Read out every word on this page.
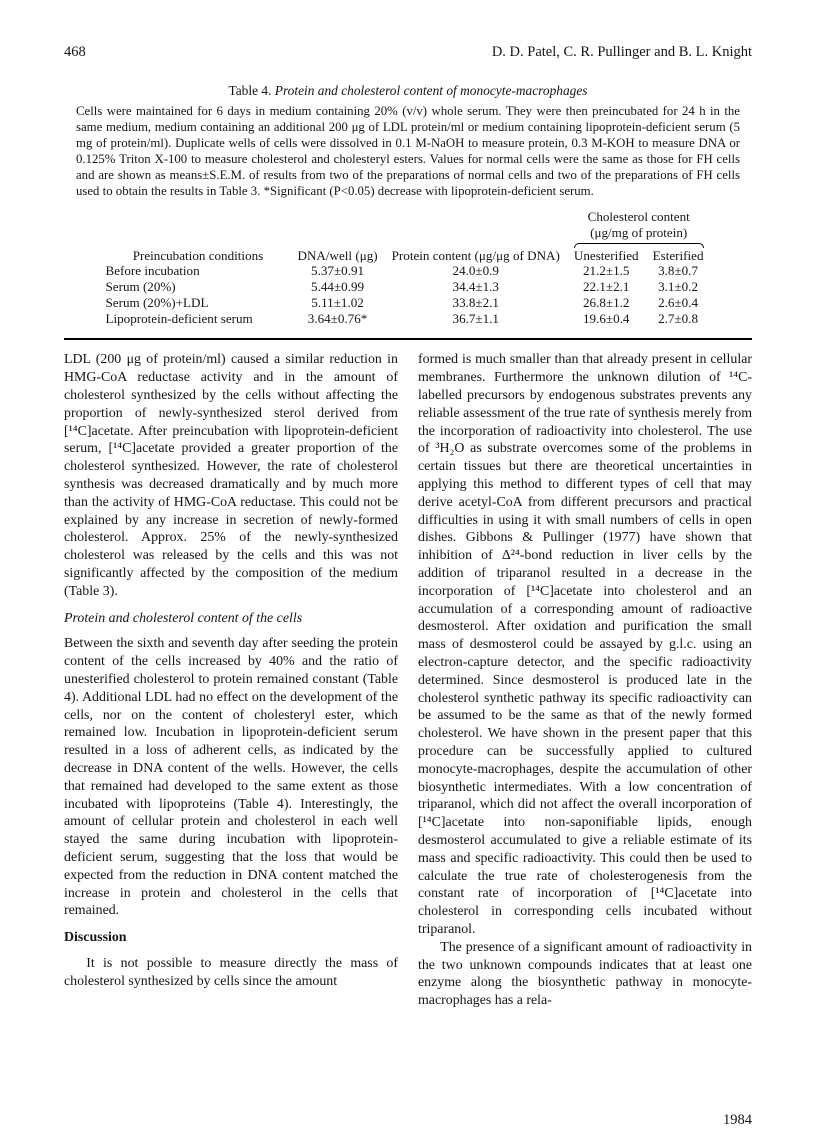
468	D. D. Patel, C. R. Pullinger and B. L. Knight
Table 4. Protein and cholesterol content of monocyte-macrophages

Cells were maintained for 6 days in medium containing 20% (v/v) whole serum. They were then preincubated for 24 h in the same medium, medium containing an additional 200 μg of LDL protein/ml or medium containing lipoprotein-deficient serum (5 mg of protein/ml). Duplicate wells of cells were dissolved in 0.1 M-NaOH to measure protein, 0.3 M-KOH to measure DNA or 0.125% Triton X-100 to measure cholesterol and cholesteryl esters. Values for normal cells were the same as those for FH cells and are shown as means±S.E.M. of results from two of the preparations of normal cells and two of the preparations of FH cells used to obtain the results in Table 3. *Significant (P<0.05) decrease with lipoprotein-deficient serum.

			Cholesterol content
(μg/mg of protein)	

Preincubation conditions	DNA/well (μg)	Protein content (μg/μg of DNA)	Unesterified	Esterified
Before incubation	5.37±0.91	24.0±0.9	21.2±1.5	3.8±0.7
Serum (20%)	5.44±0.99	34.4±1.3	22.1±2.1	3.1±0.2
Serum (20%)+LDL	5.11±1.02	33.8±2.1	26.8±1.2	2.6±0.4
Lipoprotein-deficient serum	3.64±0.76*	36.7±1.1	19.6±0.4	2.7±0.8

LDL (200 μg of protein/ml) caused a similar reduction in HMG-CoA reductase activity and in the amount of cholesterol synthesized by the cells without affecting the proportion of newly-synthesized sterol derived from [¹⁴C]acetate. After preincubation with lipoprotein-deficient serum, [¹⁴C]acetate provided a greater proportion of the cholesterol synthesized. However, the rate of cholesterol synthesis was decreased dramatically and by much more than the activity of HMG-CoA reductase. This could not be explained by any increase in secretion of newly-formed cholesterol. Approx. 25% of the newly-synthesized cholesterol was released by the cells and this was not significantly affected by the composition of the medium (Table 3).

Protein and cholesterol content of the cells

Between the sixth and seventh day after seeding the protein content of the cells increased by 40% and the ratio of unesterified cholesterol to protein remained constant (Table 4). Additional LDL had no effect on the development of the cells, nor on the content of cholesteryl ester, which remained low. Incubation in lipoprotein-deficient serum resulted in a loss of adherent cells, as indicated by the decrease in DNA content of the wells. However, the cells that remained had developed to the same extent as those incubated with lipoproteins (Table 4). Interestingly, the amount of cellular protein and cholesterol in each well stayed the same during incubation with lipoprotein-deficient serum, suggesting that the loss that would be expected from the reduction in DNA content matched the increase in protein and cholesterol in the cells that remained.

Discussion

It is not possible to measure directly the mass of cholesterol synthesized by cells since the amount

formed is much smaller than that already present in cellular membranes. Furthermore the unknown dilution of ¹⁴C-labelled precursors by endogenous substrates prevents any reliable assessment of the true rate of synthesis merely from the incorporation of radioactivity into cholesterol. The use of ³H₂O as substrate overcomes some of the problems in certain tissues but there are theoretical uncertainties in applying this method to different types of cell that may derive acetyl-CoA from different precursors and practical difficulties in using it with small numbers of cells in open dishes. Gibbons & Pullinger (1977) have shown that inhibition of Δ²⁴-bond reduction in liver cells by the addition of triparanol resulted in a decrease in the incorporation of [¹⁴C]acetate into cholesterol and an accumulation of a corresponding amount of radioactive desmosterol. After oxidation and purification the small mass of desmosterol could be assayed by g.l.c. using an electron-capture detector, and the specific radioactivity determined. Since desmosterol is produced late in the cholesterol synthetic pathway its specific radioactivity can be assumed to be the same as that of the newly formed cholesterol. We have shown in the present paper that this procedure can be successfully applied to cultured monocyte-macrophages, despite the accumulation of other biosynthetic intermediates. With a low concentration of triparanol, which did not affect the overall incorporation of [¹⁴C]acetate into non-saponifiable lipids, enough desmosterol accumulated to give a reliable estimate of its mass and specific radioactivity. This could then be used to calculate the true rate of cholesterogenesis from the constant rate of incorporation of [¹⁴C]acetate into cholesterol in corresponding cells incubated without triparanol.

The presence of a significant amount of radioactivity in the two unknown compounds indicates that at least one enzyme along the biosynthetic pathway in monocyte-macrophages has a rela-

1984
